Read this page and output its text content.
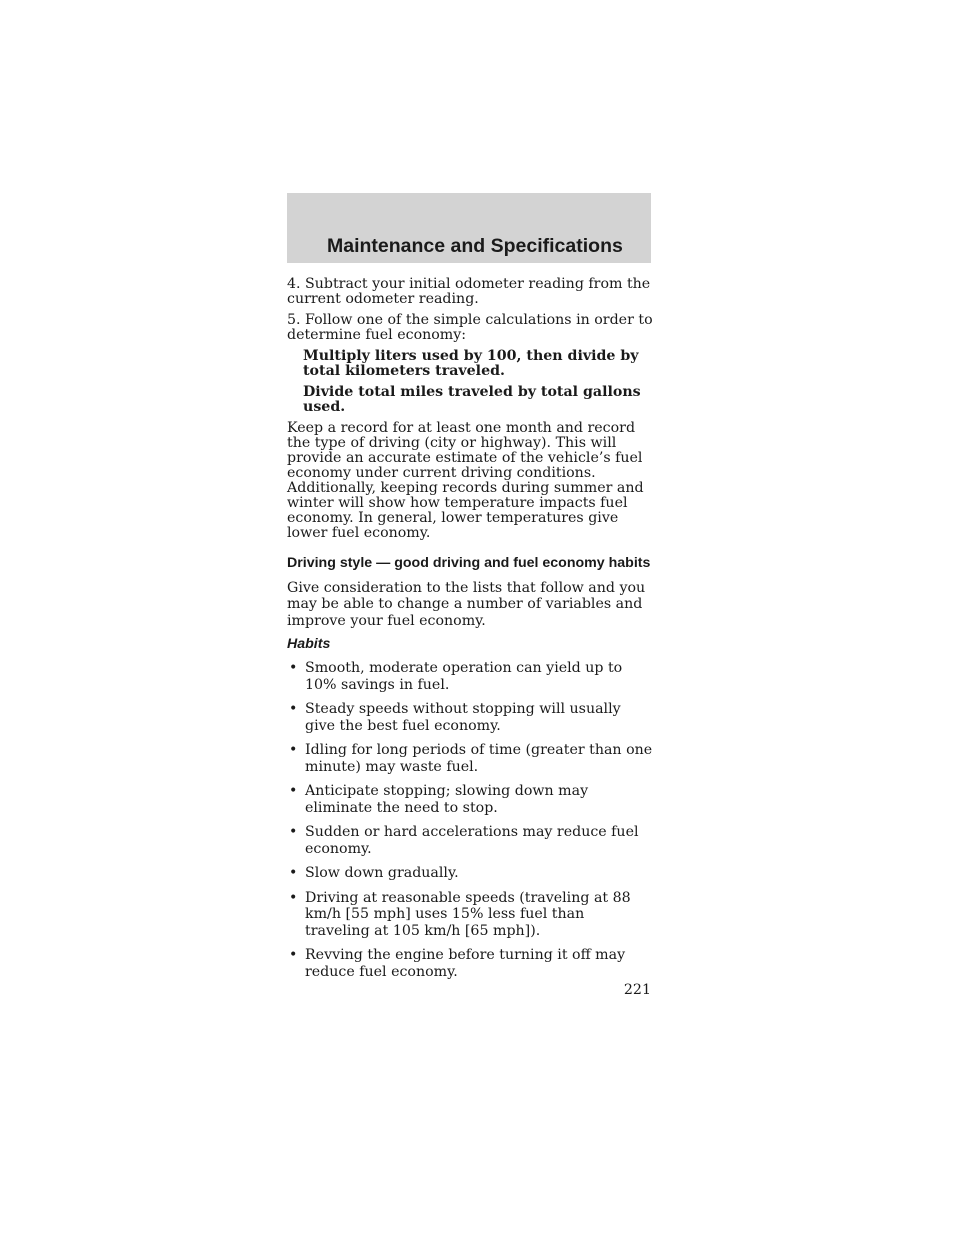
Maintenance and Specifications

4. Subtract your initial odometer reading from the current odometer reading.

5. Follow one of the simple calculations in order to determine fuel economy:

Multiply liters used by 100, then divide by total kilometers traveled.

Divide total miles traveled by total gallons used.

Keep a record for at least one month and record the type of driving (city or highway). This will provide an accurate estimate of the vehicle’s fuel economy under current driving conditions. Additionally, keeping records during summer and winter will show how temperature impacts fuel economy. In general, lower temperatures give lower fuel economy.

Driving style — good driving and fuel economy habits

Give consideration to the lists that follow and you may be able to change a number of variables and improve your fuel economy.

Habits

• Smooth, moderate operation can yield up to 10% savings in fuel.
• Steady speeds without stopping will usually give the best fuel economy.
• Idling for long periods of time (greater than one minute) may waste fuel.
• Anticipate stopping; slowing down may eliminate the need to stop.
• Sudden or hard accelerations may reduce fuel economy.
• Slow down gradually.
• Driving at reasonable speeds (traveling at 88 km/h [55 mph] uses 15% less fuel than traveling at 105 km/h [65 mph]).
• Revving the engine before turning it off may reduce fuel economy.
221
